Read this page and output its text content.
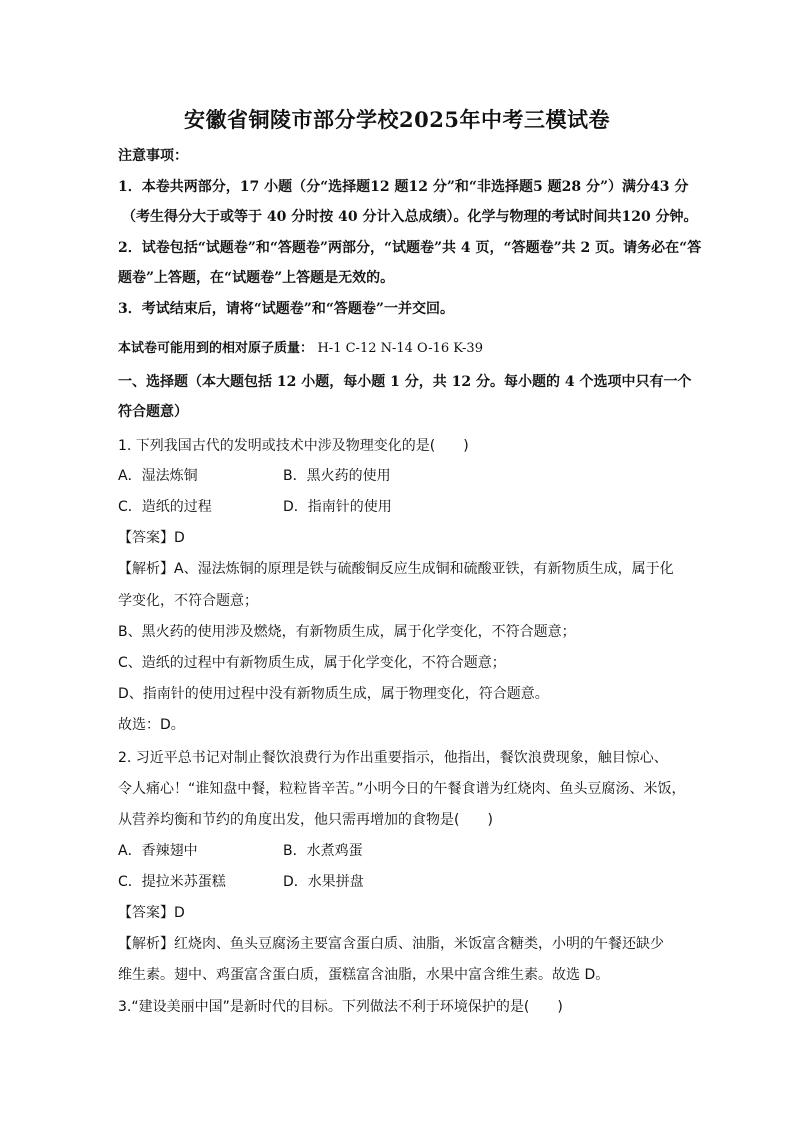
安徽省铜陵市部分学校2025年中考三模试卷
注意事项：
1．本卷共两部分，17 小题（分“选择题12 题12 分”和“非选择题5 题28 分”）满分43 分
（考生得分大于或等于 40 分时按 40 分计入总成绩）。化学与物理的考试时间共120 分钟。
2．试卷包括“试题卷”和“答题卷”两部分，“试题卷”共 4 页，“答题卷”共 2 页。请务必在“答
题卷”上答题，在“试题卷”上答题是无效的。
3．考试结束后，请将“试题卷”和“答题卷”一并交回。
本试卷可能用到的相对原子质量： H-1 C-12 N-14 O-16 K-39
一、选择题（本大题包括 12 小题，每小题 1 分，共 12 分。每小题的 4 个选项中只有一个
符合题意）
1. 下列我国古代的发明或技术中涉及物理变化的是(　　)
A．湿法炼铜	B．黑火药的使用
C．造纸的过程	D．指南针的使用
【答案】D
【解析】A、湿法炼铜的原理是铁与硫酸铜反应生成铜和硫酸亚铁，有新物质生成，属于化
学变化，不符合题意；
B、黑火药的使用涉及燃烧，有新物质生成，属于化学变化，不符合题意；
C、造纸的过程中有新物质生成，属于化学变化，不符合题意；
D、指南针的使用过程中没有新物质生成，属于物理变化，符合题意。
故选：D。
2. 习近平总书记对制止餐饮浪费行为作出重要指示，他指出，餐饮浪费现象，触目惊心、
令人痛心！“谁知盘中餐，粒粒皆辛苦。”小明今日的午餐食谱为红烧肉、鱼头豆腐汤、米饭，
从营养均衡和节约的角度出发，他只需再增加的食物是(　　)
A．香辣翅中	B．水煮鸡蛋
C．提拉米苏蛋糕	D．水果拼盘
【答案】D
【解析】红烧肉、鱼头豆腐汤主要富含蛋白质、油脂，米饭富含糖类，小明的午餐还缺少
维生素。翅中、鸡蛋富含蛋白质，蛋糕富含油脂，水果中富含维生素。故选 D。
3.“建设美丽中国”是新时代的目标。下列做法不利于环境保护的是(　　)
